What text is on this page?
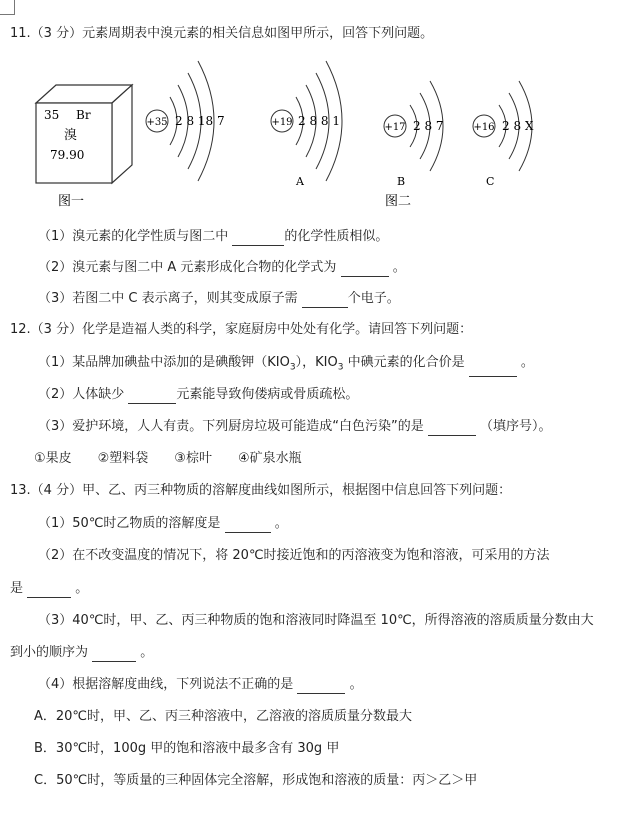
11.（3 分）元素周期表中溴元素的相关信息如图甲所示，回答下列问题。
35 Br
溴
79.90
图一
+35 2 8 18 7	+19 2 8 8 1
A
+17 2 8 7
B
+16 2 8 X
C
图二
（1）溴元素的化学性质与图二中	的化学性质相似。
（2）溴元素与图二中 A 元素形成化合物的化学式为	。
（3）若图二中 C 表示离子，则其变成原子需	个电子。
12.（3 分）化学是造福人类的科学，家庭厨房中处处有化学。请回答下列问题：
（1）某品牌加碘盐中添加的是碘酸钾$(KIO_3)$，$KIO_3$ 中碘元素的化合价是	。
（2）人体缺少	元素能导致佝偻病或骨质疏松。
（3）爱护环境，人人有责。下列厨房垃圾可能造成“白色污染”的是	（填序号）。
①果皮　　②塑料袋　　③棕叶　　④矿泉水瓶
13.（4 分）甲、乙、丙三种物质的溶解度曲线如图所示，根据图中信息回答下列问题：
（1）50℃时乙物质的溶解度是	。
（2）在不改变温度的情况下，将 20℃时接近饱和的丙溶液变为饱和溶液，可采用的方法
是	。
（3）40℃时，甲、乙、丙三种物质的饱和溶液同时降温至 10℃，所得溶液的溶质质量分数由大
到小的顺序为	。
（4）根据溶解度曲线，下列说法不正确的是	。
A．20℃时，甲、乙、丙三种溶液中，乙溶液的溶质质量分数最大
B．30℃时，100g 甲的饱和溶液中最多含有 30g 甲
C．50℃时，等质量的三种固体完全溶解，形成饱和溶液的质量：丙＞乙＞甲
